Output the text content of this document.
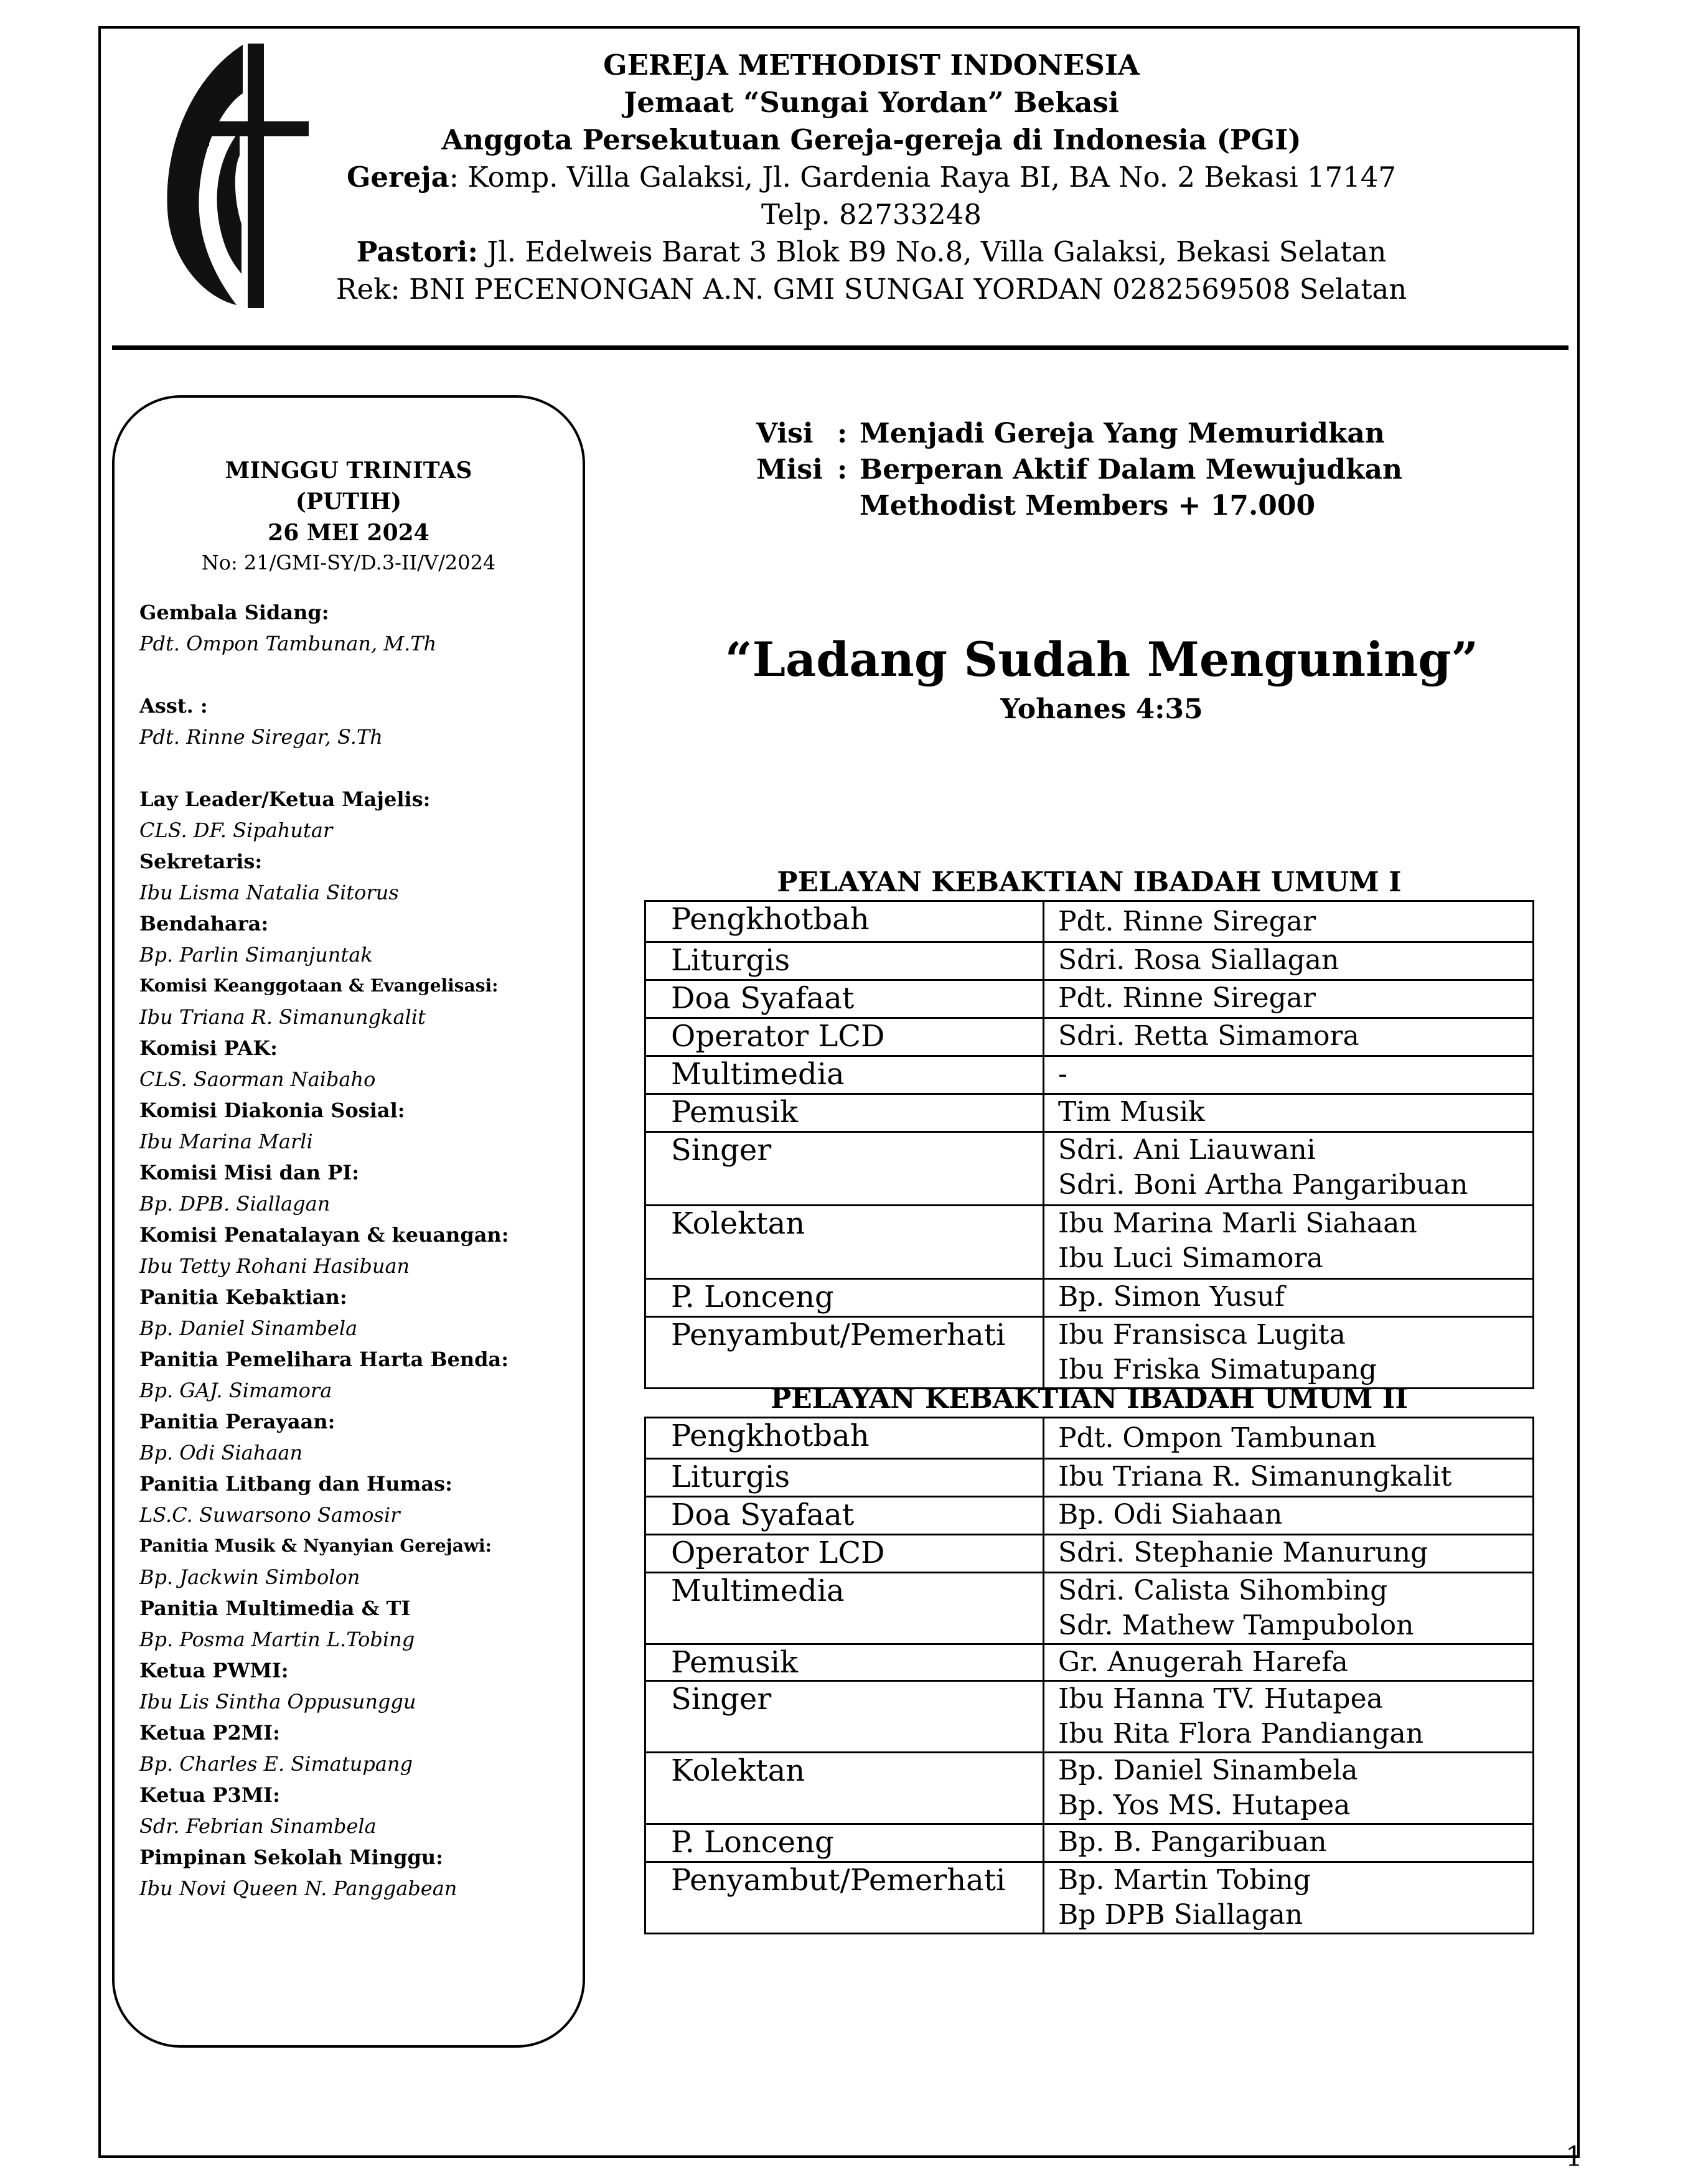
GEREJA METHODIST INDONESIA
Jemaat “Sungai Yordan” Bekasi
Anggota Persekutuan Gereja-gereja di Indonesia (PGI)
Gereja: Komp. Villa Galaksi, Jl. Gardenia Raya BI, BA No. 2 Bekasi 17147
Telp. 82733248
Pastori: Jl. Edelweis Barat 3 Blok B9 No.8, Villa Galaksi, Bekasi Selatan
Rek: BNI PECENONGAN A.N. GMI SUNGAI YORDAN 0282569508 Selatan
MINGGU TRINITAS
(PUTIH)
26 MEI 2024
No: 21/GMI-SY/D.3-II/V/2024
Gembala Sidang:
Pdt. Ompon Tambunan, M.Th
Asst. :
Pdt. Rinne Siregar, S.Th
Lay Leader/Ketua Majelis:
CLS. DF. Sipahutar
Sekretaris:
Ibu Lisma Natalia Sitorus
Bendahara:
Bp. Parlin Simanjuntak
Komisi Keanggotaan & Evangelisasi:
Ibu Triana R. Simanungkalit
Komisi PAK:
CLS. Saorman Naibaho
Komisi Diakonia Sosial:
Ibu Marina Marli
Komisi Misi dan PI:
Bp. DPB. Siallagan
Komisi Penatalayan & keuangan:
Ibu Tetty Rohani Hasibuan
Panitia Kebaktian:
Bp. Daniel Sinambela
Panitia Pemelihara Harta Benda:
Bp. GAJ. Simamora
Panitia Perayaan:
Bp. Odi Siahaan
Panitia Litbang dan Humas:
LS.C. Suwarsono Samosir
Panitia Musik & Nyanyian Gerejawi:
Bp. Jackwin Simbolon
Panitia Multimedia & TI
Bp. Posma Martin L.Tobing
Ketua PWMI:
Ibu Lis Sintha Oppusunggu
Ketua P2MI:
Bp. Charles E. Simatupang
Ketua P3MI:
Sdr. Febrian Sinambela
Pimpinan Sekolah Minggu:
Ibu Novi Queen N. Panggabean
Visi : Menjadi Gereja Yang Memuridkan
Misi : Berperan Aktif Dalam Mewujudkan
Methodist Members + 17.000
“Ladang Sudah Menguning”
Yohanes 4:35
PELAYAN KEBAKTIAN IBADAH UMUM I
Pengkhotbah	Pdt. Rinne Siregar

Liturgis	Sdri. Rosa Siallagan

Doa Syafaat	Pdt. Rinne Siregar

Operator LCD	Sdri. Retta Simamora

Multimedia	-

Pemusik	Tim Musik

Singer	Sdri. Ani Liauwani
Sdri. Boni Artha Pangaribuan

Kolektan	Ibu Marina Marli Siahaan
Ibu Luci Simamora

P. Lonceng	Bp. Simon Yusuf

Penyambut/Pemerhati	Ibu Fransisca Lugita
Ibu Friska Simatupang
PELAYAN KEBAKTIAN IBADAH UMUM II
Pengkhotbah	Pdt. Ompon Tambunan

Liturgis	Ibu Triana R. Simanungkalit

Doa Syafaat	Bp. Odi Siahaan

Operator LCD	Sdri. Stephanie Manurung

Multimedia	Sdri. Calista Sihombing
Sdr. Mathew Tampubolon

Pemusik	Gr. Anugerah Harefa

Singer	Ibu Hanna TV. Hutapea
Ibu Rita Flora Pandiangan

Kolektan	Bp. Daniel Sinambela
Bp. Yos MS. Hutapea

P. Lonceng	Bp. B. Pangaribuan

Penyambut/Pemerhati	Bp. Martin Tobing
Bp DPB Siallagan
1
